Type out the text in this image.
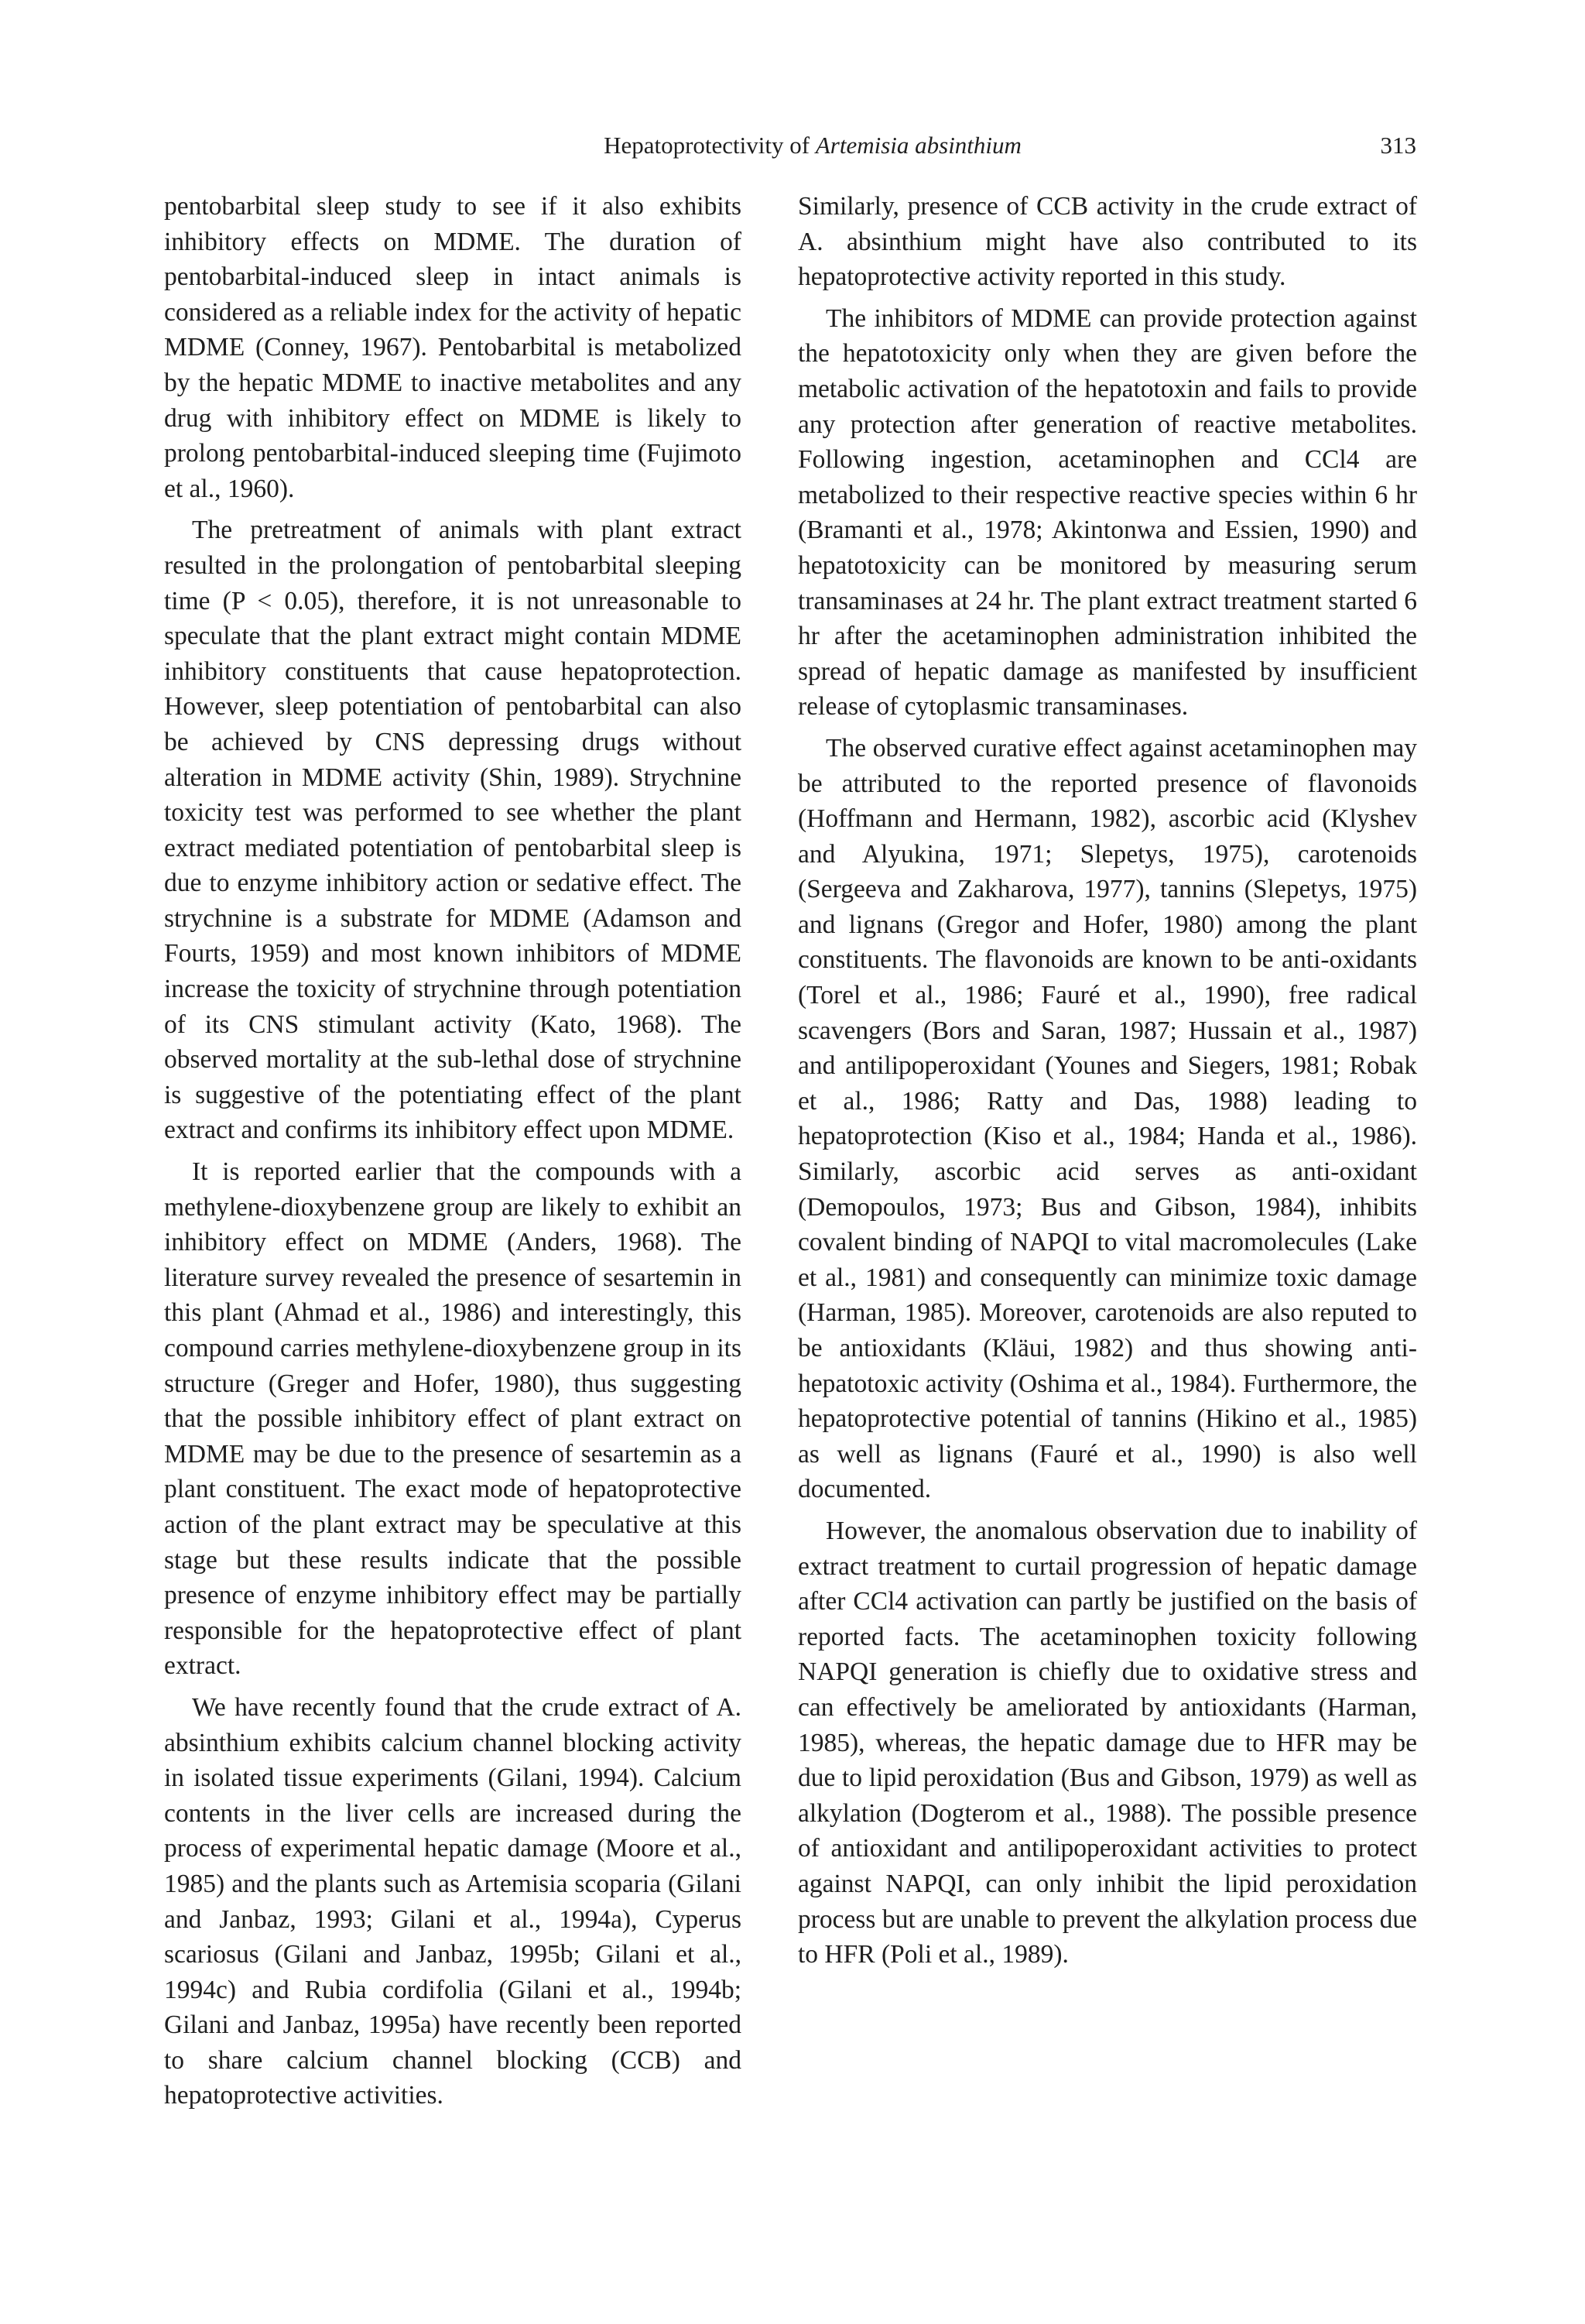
Hepatoprotectivity of Artemisia absinthium	313

pentobarbital sleep study to see if it also exhibits inhibitory effects on MDME. The duration of pentobarbital-induced sleep in intact animals is considered as a reliable index for the activity of hepatic MDME (Conney, 1967). Pentobarbital is metabolized by the hepatic MDME to inactive metabolites and any drug with inhibitory effect on MDME is likely to prolong pentobarbital-induced sleeping time (Fujimoto et al., 1960).

The pretreatment of animals with plant extract resulted in the prolongation of pentobarbital sleeping time (P < 0.05), therefore, it is not unreasonable to speculate that the plant extract might contain MDME inhibitory constituents that cause hepatoprotection. However, sleep potentiation of pentobarbital can also be achieved by CNS depressing drugs without alteration in MDME activity (Shin, 1989). Strychnine toxicity test was performed to see whether the plant extract mediated potentiation of pentobarbital sleep is due to enzyme inhibitory action or sedative effect. The strychnine is a substrate for MDME (Adamson and Fourts, 1959) and most known inhibitors of MDME increase the toxicity of strychnine through potentiation of its CNS stimulant activity (Kato, 1968). The observed mortality at the sub-lethal dose of strychnine is suggestive of the potentiating effect of the plant extract and confirms its inhibitory effect upon MDME.

It is reported earlier that the compounds with a methylene-dioxybenzene group are likely to exhibit an inhibitory effect on MDME (Anders, 1968). The literature survey revealed the presence of sesartemin in this plant (Ahmad et al., 1986) and interestingly, this compound carries methylene-dioxybenzene group in its structure (Greger and Hofer, 1980), thus suggesting that the possible inhibitory effect of plant extract on MDME may be due to the presence of sesartemin as a plant constituent. The exact mode of hepatoprotective action of the plant extract may be speculative at this stage but these results indicate that the possible presence of enzyme inhibitory effect may be partially responsible for the hepatoprotective effect of plant extract.

We have recently found that the crude extract of A. absinthium exhibits calcium channel blocking activity in isolated tissue experiments (Gilani, 1994). Calcium contents in the liver cells are increased during the process of experimental hepatic damage (Moore et al., 1985) and the plants such as Artemisia scoparia (Gilani and Janbaz, 1993; Gilani et al., 1994a), Cyperus scariosus (Gilani and Janbaz, 1995b; Gilani et al., 1994c) and Rubia cordifolia (Gilani et al., 1994b; Gilani and Janbaz, 1995a) have recently been reported to share calcium channel blocking (CCB) and hepatoprotective activities.

Similarly, presence of CCB activity in the crude extract of A. absinthium might have also contributed to its hepatoprotective activity reported in this study.

The inhibitors of MDME can provide protection against the hepatotoxicity only when they are given before the metabolic activation of the hepatotoxin and fails to provide any protection after generation of reactive metabolites. Following ingestion, acetaminophen and CCl4 are metabolized to their respective reactive species within 6 hr (Bramanti et al., 1978; Akintonwa and Essien, 1990) and hepatotoxicity can be monitored by measuring serum transaminases at 24 hr. The plant extract treatment started 6 hr after the acetaminophen administration inhibited the spread of hepatic damage as manifested by insufficient release of cytoplasmic transaminases.

The observed curative effect against acetaminophen may be attributed to the reported presence of flavonoids (Hoffmann and Hermann, 1982), ascorbic acid (Klyshev and Alyukina, 1971; Slepetys, 1975), carotenoids (Sergeeva and Zakharova, 1977), tannins (Slepetys, 1975) and lignans (Gregor and Hofer, 1980) among the plant constituents. The flavonoids are known to be anti-oxidants (Torel et al., 1986; Fauré et al., 1990), free radical scavengers (Bors and Saran, 1987; Hussain et al., 1987) and antilipoperoxidant (Younes and Siegers, 1981; Robak et al., 1986; Ratty and Das, 1988) leading to hepatoprotection (Kiso et al., 1984; Handa et al., 1986). Similarly, ascorbic acid serves as anti-oxidant (Demopoulos, 1973; Bus and Gibson, 1984), inhibits covalent binding of NAPQI to vital macromolecules (Lake et al., 1981) and consequently can minimize toxic damage (Harman, 1985). Moreover, carotenoids are also reputed to be antioxidants (Kläui, 1982) and thus showing anti-hepatotoxic activity (Oshima et al., 1984). Furthermore, the hepatoprotective potential of tannins (Hikino et al., 1985) as well as lignans (Fauré et al., 1990) is also well documented.

However, the anomalous observation due to inability of extract treatment to curtail progression of hepatic damage after CCl4 activation can partly be justified on the basis of reported facts. The acetaminophen toxicity following NAPQI generation is chiefly due to oxidative stress and can effectively be ameliorated by antioxidants (Harman, 1985), whereas, the hepatic damage due to HFR may be due to lipid peroxidation (Bus and Gibson, 1979) as well as alkylation (Dogterom et al., 1988). The possible presence of antioxidant and antilipoperoxidant activities to protect against NAPQI, can only inhibit the lipid peroxidation process but are unable to prevent the alkylation process due to HFR (Poli et al., 1989).
